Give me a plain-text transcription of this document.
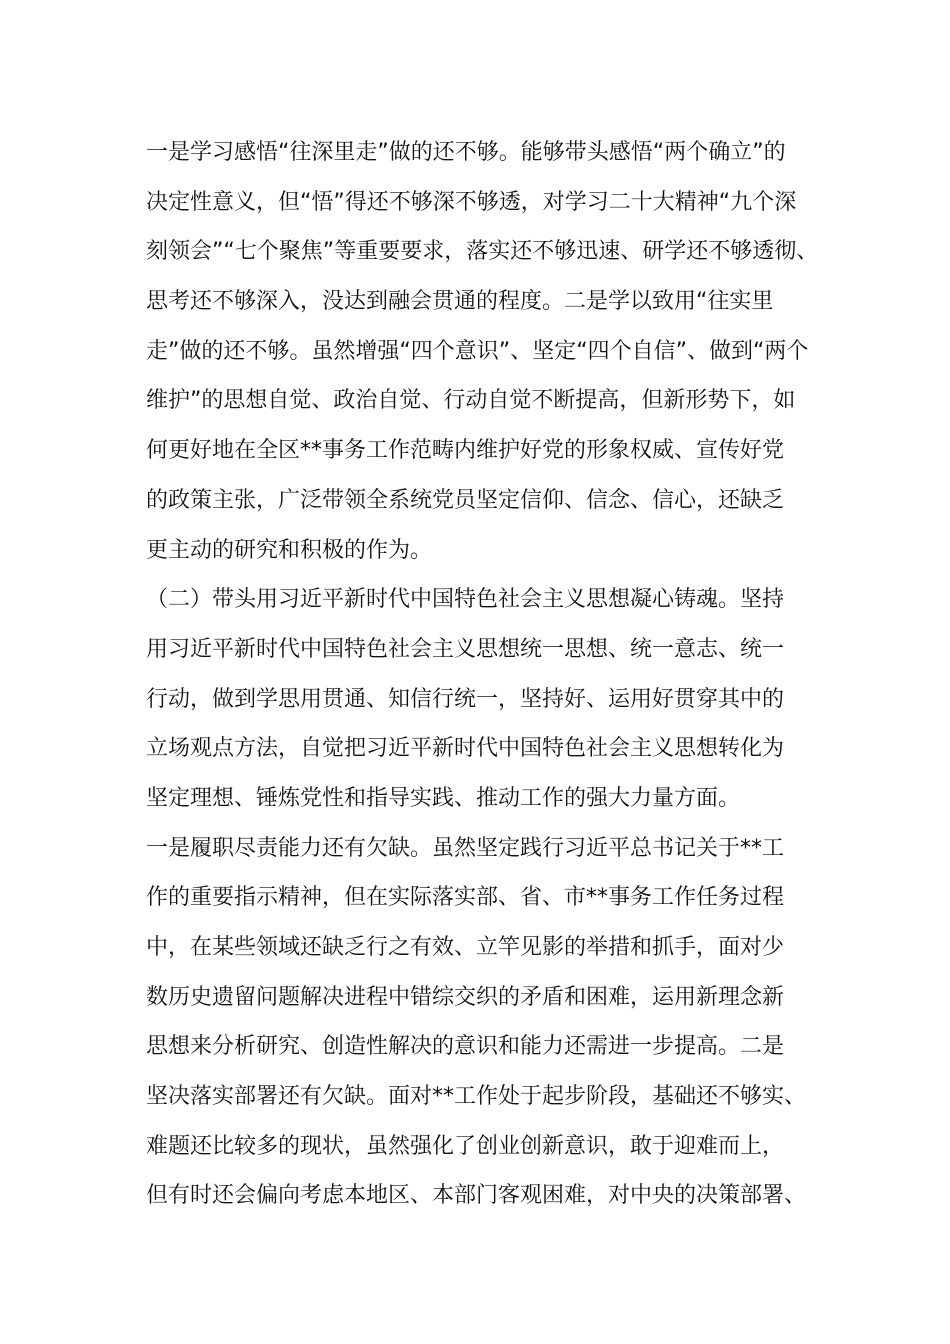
一是学习感悟“往深里走”做的还不够。能够带头感悟“两个确立”的
决定性意义，但“悟”得还不够深不够透，对学习二十大精神“九个深
刻领会”“七个聚焦”等重要要求，落实还不够迅速、研学还不够透彻、
思考还不够深入，没达到融会贯通的程度。二是学以致用“往实里
走”做的还不够。虽然增强“四个意识”、坚定“四个自信”、做到“两个
维护”的思想自觉、政治自觉、行动自觉不断提高，但新形势下，如
何更好地在全区**事务工作范畴内维护好党的形象权威、宣传好党
的政策主张，广泛带领全系统党员坚定信仰、信念、信心，还缺乏
更主动的研究和积极的作为。
（二）带头用习近平新时代中国特色社会主义思想凝心铸魂。坚持
用习近平新时代中国特色社会主义思想统一思想、统一意志、统一
行动，做到学思用贯通、知信行统一，坚持好、运用好贯穿其中的
立场观点方法，自觉把习近平新时代中国特色社会主义思想转化为
坚定理想、锤炼党性和指导实践、推动工作的强大力量方面。
一是履职尽责能力还有欠缺。虽然坚定践行习近平总书记关于**工
作的重要指示精神，但在实际落实部、省、市**事务工作任务过程
中，在某些领域还缺乏行之有效、立竿见影的举措和抓手，面对少
数历史遗留问题解决进程中错综交织的矛盾和困难，运用新理念新
思想来分析研究、创造性解决的意识和能力还需进一步提高。二是
坚决落实部署还有欠缺。面对**工作处于起步阶段，基础还不够实、
难题还比较多的现状，虽然强化了创业创新意识，敢于迎难而上，
但有时还会偏向考虑本地区、本部门客观困难，对中央的决策部署、
